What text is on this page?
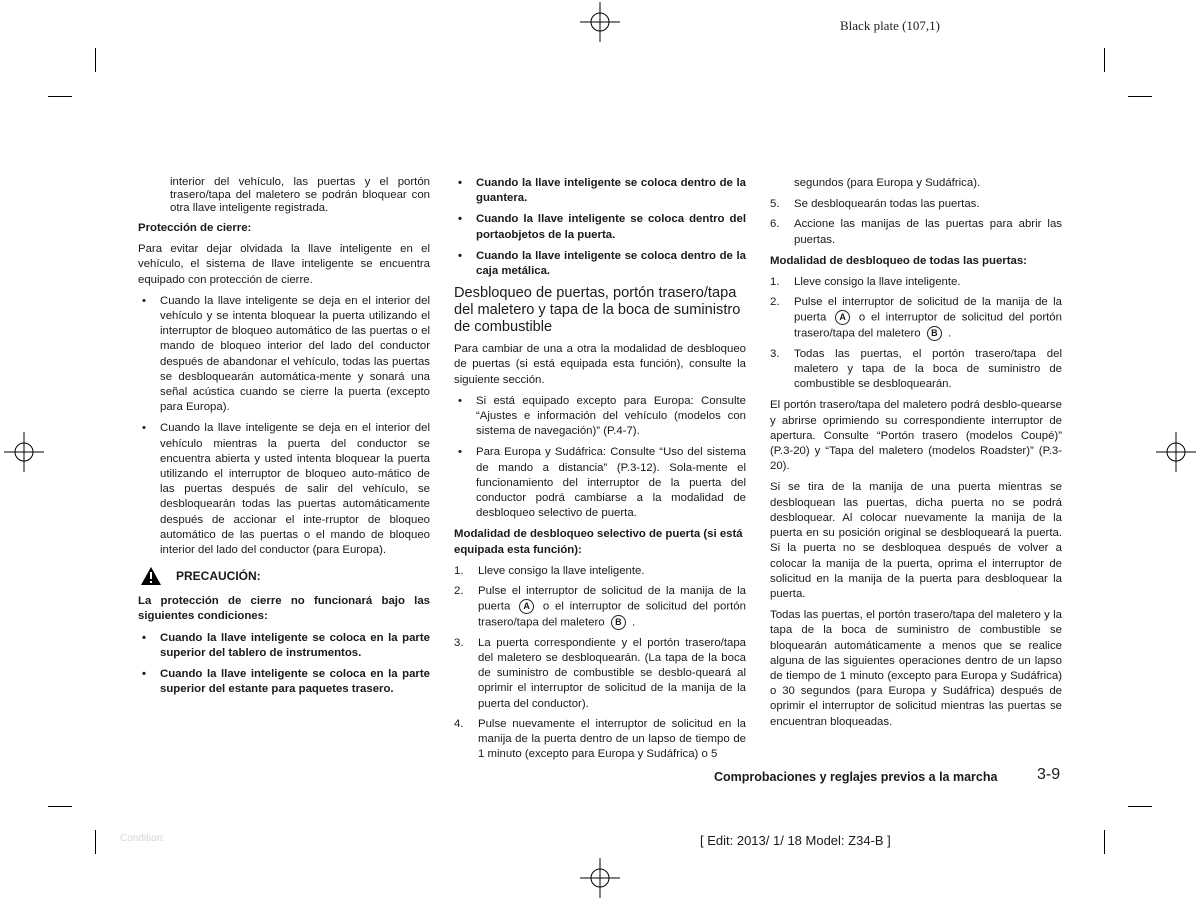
Black plate (107,1)

interior del vehículo, las puertas y el portón trasero/tapa del maletero se podrán bloquear con otra llave inteligente registrada.

Protección de cierre:

Para evitar dejar olvidada la llave inteligente en el vehículo, el sistema de llave inteligente se encuentra equipado con protección de cierre.

• Cuando la llave inteligente se deja en el interior del vehículo y se intenta bloquear la puerta utilizando el interruptor de bloqueo automático de las puertas o el mando de bloqueo interior del lado del conductor después de abandonar el vehículo, todas las puertas se desbloquearán automática-mente y sonará una señal acústica cuando se cierre la puerta (excepto para Europa).
• Cuando la llave inteligente se deja en el interior del vehículo mientras la puerta del conductor se encuentra abierta y usted intenta bloquear la puerta utilizando el interruptor de bloqueo auto-mático de las puertas después de salir del vehículo, se desbloquearán todas las puertas automáticamente después de accionar el inte-rruptor de bloqueo automático de las puertas o el mando de bloqueo interior del lado del conductor (para Europa).
PRECAUCIÓN:

La protección de cierre no funcionará bajo las siguientes condiciones:

• Cuando la llave inteligente se coloca en la parte superior del tablero de instrumentos.
• Cuando la llave inteligente se coloca en la parte superior del estante para paquetes trasero.
• Cuando la llave inteligente se coloca dentro de la guantera.
• Cuando la llave inteligente se coloca dentro del portaobjetos de la puerta.
• Cuando la llave inteligente se coloca dentro de la caja metálica.

Desbloqueo de puertas, portón trasero/tapa del maletero y tapa de la boca de suministro de combustible

Para cambiar de una a otra la modalidad de desbloqueo de puertas (si está equipada esta función), consulte la siguiente sección.

• Si está equipado excepto para Europa: Consulte “Ajustes e información del vehículo (modelos con sistema de navegación)” (P.4-7).
• Para Europa y Sudáfrica: Consulte “Uso del sistema de mando a distancia” (P.3-12). Sola-mente el funcionamiento del interruptor de la puerta del conductor podrá cambiarse a la modalidad de desbloqueo selectivo de puerta.

Modalidad de desbloqueo selectivo de puerta (si está equipada esta función):

1.	Lleve consigo la llave inteligente.
2.	Pulse el interruptor de solicitud de la manija de la puerta A o el interruptor de solicitud del portón trasero/tapa del maletero B .
3.	La puerta correspondiente y el portón trasero/tapa del maletero se desbloquearán. (La tapa de la boca de suministro de combustible se desblo-queará al oprimir el interruptor de solicitud de la manija de la puerta del conductor).
4.	Pulse nuevamente el interruptor de solicitud en la manija de la puerta dentro de un lapso de tiempo de 1 minuto (excepto para Europa y Sudáfrica) o 5

segundos (para Europa y Sudáfrica).

5.	Se desbloquearán todas las puertas.
6.	Accione las manijas de las puertas para abrir las puertas.

Modalidad de desbloqueo de todas las puertas:

1.	Lleve consigo la llave inteligente.
2.	Pulse el interruptor de solicitud de la manija de la puerta A o el interruptor de solicitud del portón trasero/tapa del maletero B .
3.	Todas las puertas, el portón trasero/tapa del maletero y tapa de la boca de suministro de combustible se desbloquearán.

El portón trasero/tapa del maletero podrá desblo-quearse y abrirse oprimiendo su correspondiente interruptor de apertura. Consulte “Portón trasero (modelos Coupé)” (P.3-20) y “Tapa del maletero (modelos Roadster)” (P.3-20).

Si se tira de la manija de una puerta mientras se desbloquean las puertas, dicha puerta no se podrá desbloquear. Al colocar nuevamente la manija de la puerta en su posición original se desbloqueará la puerta. Si la puerta no se desbloquea después de volver a colocar la manija de la puerta, oprima el interruptor de solicitud en la manija de la puerta para desbloquear la puerta.

Todas las puertas, el portón trasero/tapa del maletero y la tapa de la boca de suministro de combustible se bloquearán automáticamente a menos que se realice alguna de las siguientes operaciones dentro de un lapso de tiempo de 1 minuto (excepto para Europa y Sudáfrica) o 30 segundos (para Europa y Sudáfrica) después de oprimir el interruptor de solicitud mientras las puertas se encuentran bloqueadas.

Comprobaciones y reglajes previos a la marcha 3-9
Condition:	[ Edit: 2013/ 1/ 18 Model: Z34-B ]
